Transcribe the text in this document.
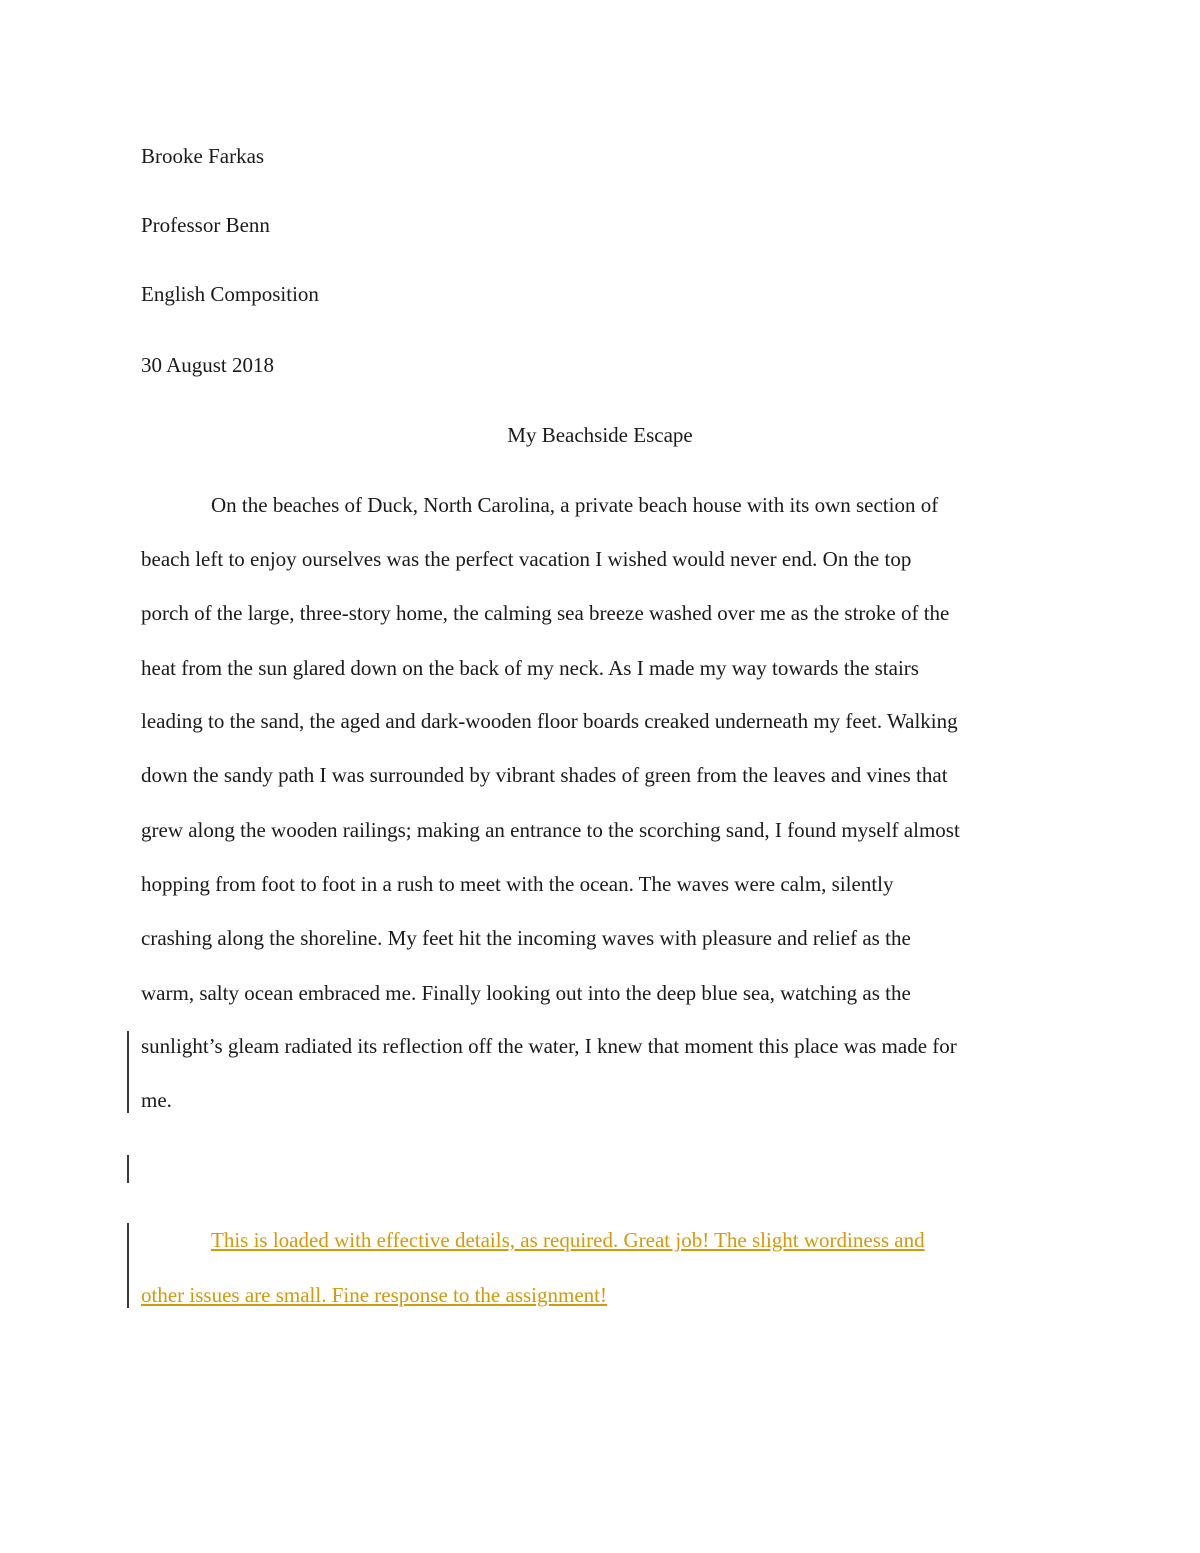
Brooke Farkas
Professor Benn
English Composition
30 August 2018
My Beachside Escape
On the beaches of Duck, North Carolina, a private beach house with its own section of
beach left to enjoy ourselves was the perfect vacation I wished would never end. On the top
porch of the large, three-story home, the calming sea breeze washed over me as the stroke of the
heat from the sun glared down on the back of my neck. As I made my way towards the stairs
leading to the sand, the aged and dark-wooden floor boards creaked underneath my feet. Walking
down the sandy path I was surrounded by vibrant shades of green from the leaves and vines that
grew along the wooden railings; making an entrance to the scorching sand, I found myself almost
hopping from foot to foot in a rush to meet with the ocean. The waves were calm, silently
crashing along the shoreline. My feet hit the incoming waves with pleasure and relief as the
warm, salty ocean embraced me. Finally looking out into the deep blue sea, watching as the
sunlight’s gleam radiated its reflection off the water, I knew that moment this place was made for
me.
This is loaded with effective details, as required. Great job! The slight wordiness and
other issues are small. Fine response to the assignment!
